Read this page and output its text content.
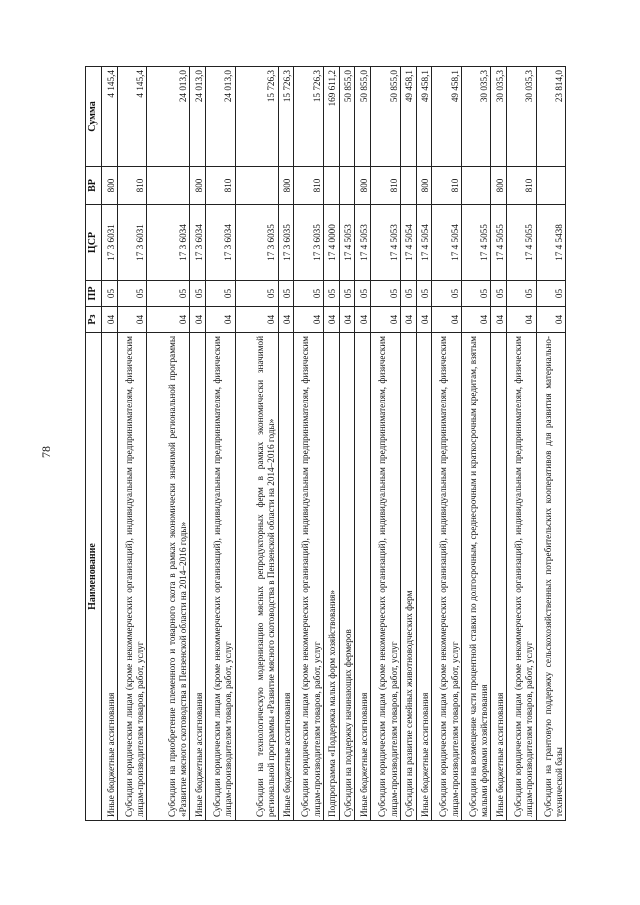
78
Наименование	Рз	ПР	ЦСР	ВР	Сумма
Иные бюджетные ассигнования	04	05	17 3 6031	800	4 145,4
Субсидии юридическим лицам (кроме некоммерческих организаций), индивидуальным предпринимателям, физическим лицам-производителям товаров, работ, услуг	04	05	17 3 6031	810	4 145,4
Субсидии на приобретение племенного и товарного скота в рамках экономически значимой региональной программы «Развитие мясного скотоводства в Пензенской области на 2014–2016 годы»	04	05	17 3 6034		24 013,0
Иные бюджетные ассигнования	04	05	17 3 6034	800	24 013,0
Субсидии юридическим лицам (кроме некоммерческих организаций), индивидуальным предпринимателям, физическим лицам-производителям товаров, работ, услуг	04	05	17 3 6034	810	24 013,0
Субсидии на технологическую модернизацию мясных репродукторных ферм в рамках экономически значимой региональной программы «Развитие мясного скотоводства в Пензенской области на 2014–2016 годы»	04	05	17 3 6035		15 726,3
Иные бюджетные ассигнования	04	05	17 3 6035	800	15 726,3
Субсидии юридическим лицам (кроме некоммерческих организаций), индивидуальным предпринимателям, физическим лицам-производителям товаров, работ, услуг	04	05	17 3 6035	810	15 726,3
Подпрограмма «Поддержка малых форм хозяйствования»	04	05	17 4 0000		169 611,2
Субсидии на поддержку начинающих фермеров	04	05	17 4 5053		50 855,0
Иные бюджетные ассигнования	04	05	17 4 5053	800	50 855,0
Субсидии юридическим лицам (кроме некоммерческих организаций), индивидуальным предпринимателям, физическим лицам-производителям товаров, работ, услуг	04	05	17 4 5053	810	50 855,0
Субсидии на развитие семейных животноводческих ферм	04	05	17 4 5054		49 458,1
Иные бюджетные ассигнования	04	05	17 4 5054	800	49 458,1
Субсидии юридическим лицам (кроме некоммерческих организаций), индивидуальным предпринимателям, физическим лицам-производителям товаров, работ, услуг	04	05	17 4 5054	810	49 458,1
Субсидии на возмещение части процентной ставки по долгосрочным, среднесрочным и краткосрочным кредитам, взятым малыми формами хозяйствования	04	05	17 4 5055		30 035,3
Иные бюджетные ассигнования	04	05	17 4 5055	800	30 035,3
Субсидии юридическим лицам (кроме некоммерческих организаций), индивидуальным предпринимателям, физическим лицам-производителям товаров, работ, услуг	04	05	17 4 5055	810	30 035,3
Субсидии на грантовую поддержку сельскохозяйственных потребительских кооперативов для развития материально-технической базы	04	05	17 4 5438		23 814,0
